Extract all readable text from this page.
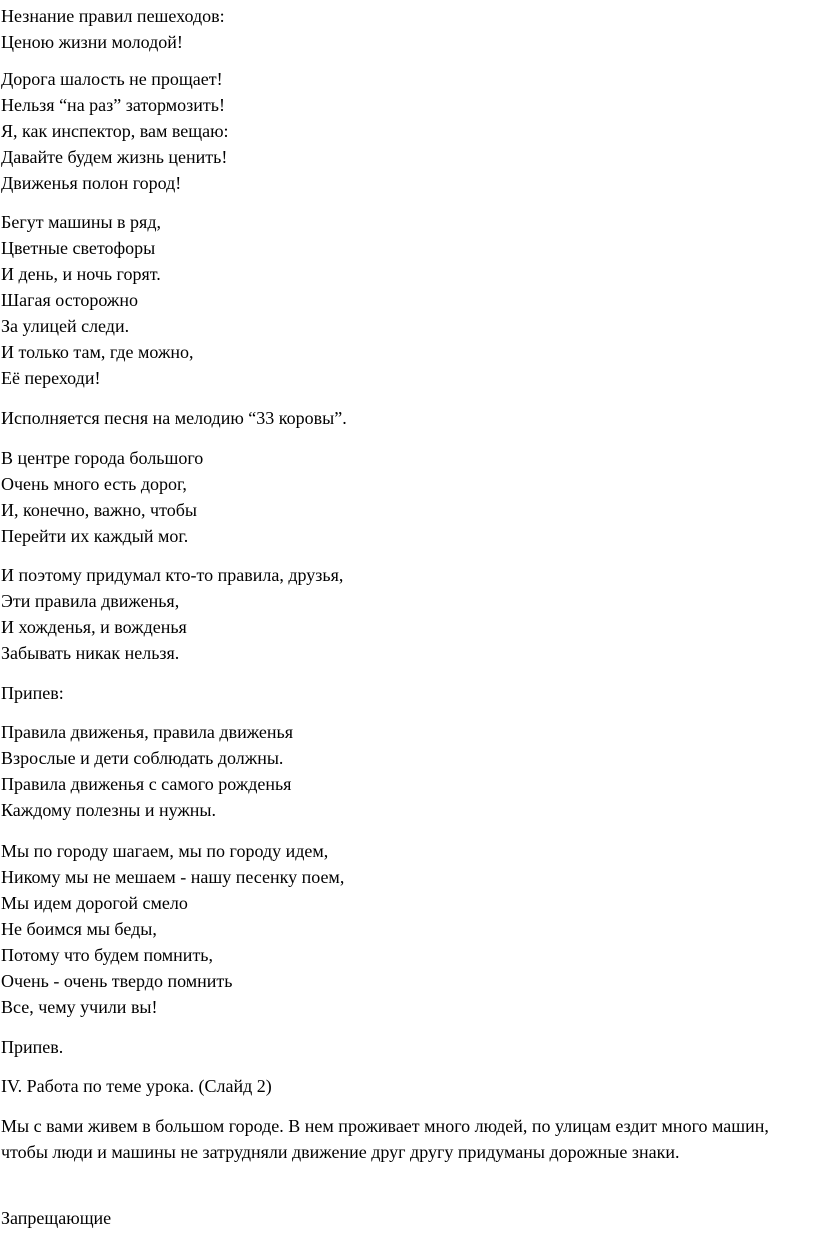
Незнание правил пешеходов:
Ценою жизни молодой!
Дорога шалость не прощает!
Нельзя “на раз” затормозить!
Я, как инспектор, вам вещаю:
Давайте будем жизнь ценить!
Движенья полон город!
Бегут машины в ряд,
Цветные светофоры
И день, и ночь горят.
Шагая осторожно
За улицей следи.
И только там, где можно,
Её переходи!
Исполняется песня на мелодию “33 коровы”.
В центре города большого
Очень много есть дорог,
И, конечно, важно, чтобы
Перейти их каждый мог.
И поэтому придумал кто-то правила, друзья,
Эти правила движенья,
И хожденья, и вожденья
Забывать никак нельзя.
Припев:
Правила движенья, правила движенья
Взрослые и дети соблюдать должны.
Правила движенья с самого рожденья
Каждому полезны и нужны.
Мы по городу шагаем, мы по городу идем,
Никому мы не мешаем - нашу песенку поем,
Мы идем дорогой смело
Не боимся мы беды,
Потому что будем помнить,
Очень - очень твердо помнить
Все, чему учили вы!
Припев.
IV. Работа по теме урока. (Слайд 2)
Мы с вами живем в большом городе. В нем проживает много людей, по улицам ездит много машин, чтобы люди и машины не затрудняли движение друг другу придуманы дорожные знаки.
Запрещающие
